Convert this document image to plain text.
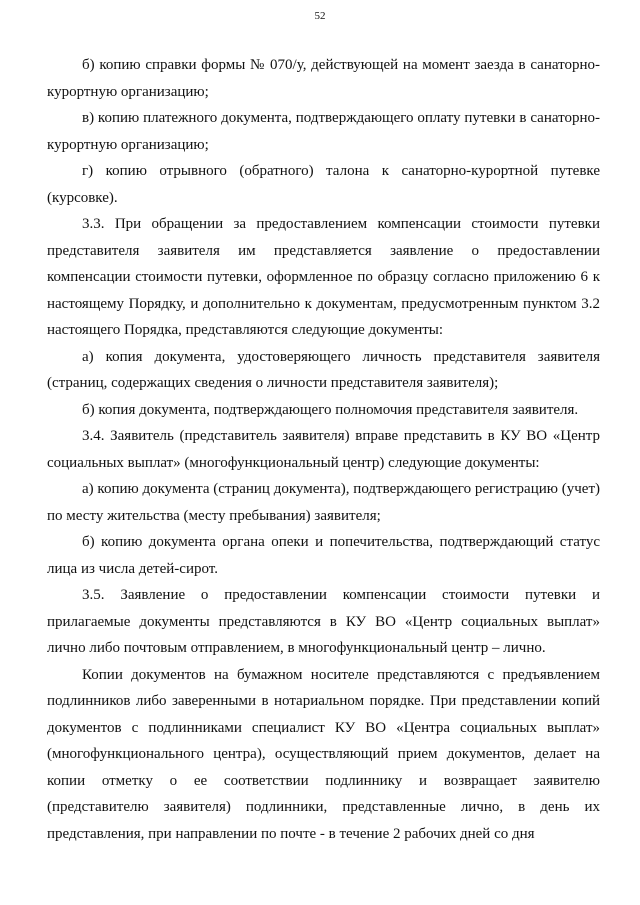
52

б) копию справки формы № 070/у, действующей на момент заезда в санаторно-курортную организацию;

в) копию платежного документа, подтверждающего оплату путевки в санаторно-курортную организацию;

г) копию отрывного (обратного) талона к санаторно-курортной путевке (курсовке).

3.3. При обращении за предоставлением компенсации стоимости путевки представителя заявителя им представляется заявление о предоставлении компенсации стоимости путевки, оформленное по образцу согласно приложению 6 к настоящему Порядку, и дополнительно к документам, предусмотренным пунктом 3.2 настоящего Порядка, представляются следующие документы:

а) копия документа, удостоверяющего личность представителя заявителя (страниц, содержащих сведения о личности представителя заявителя);

б) копия документа, подтверждающего полномочия представителя заявителя.

3.4. Заявитель (представитель заявителя) вправе представить в КУ ВО «Центр социальных выплат» (многофункциональный центр) следующие документы:

а) копию документа (страниц документа), подтверждающего регистрацию (учет) по месту жительства (месту пребывания) заявителя;

б) копию документа органа опеки и попечительства, подтверждающий статус лица из числа детей-сирот.

3.5. Заявление о предоставлении компенсации стоимости путевки и прилагаемые документы представляются в КУ ВО «Центр социальных выплат» лично либо почтовым отправлением, в многофункциональный центр – лично.

Копии документов на бумажном носителе представляются с предъявлением подлинников либо заверенными в нотариальном порядке. При представлении копий документов с подлинниками специалист КУ ВО «Центра социальных выплат» (многофункционального центра), осуществляющий прием документов, делает на копии отметку о ее соответствии подлиннику и возвращает заявителю (представителю заявителя) подлинники, представленные лично, в день их представления, при направлении по почте - в течение 2 рабочих дней со дня
